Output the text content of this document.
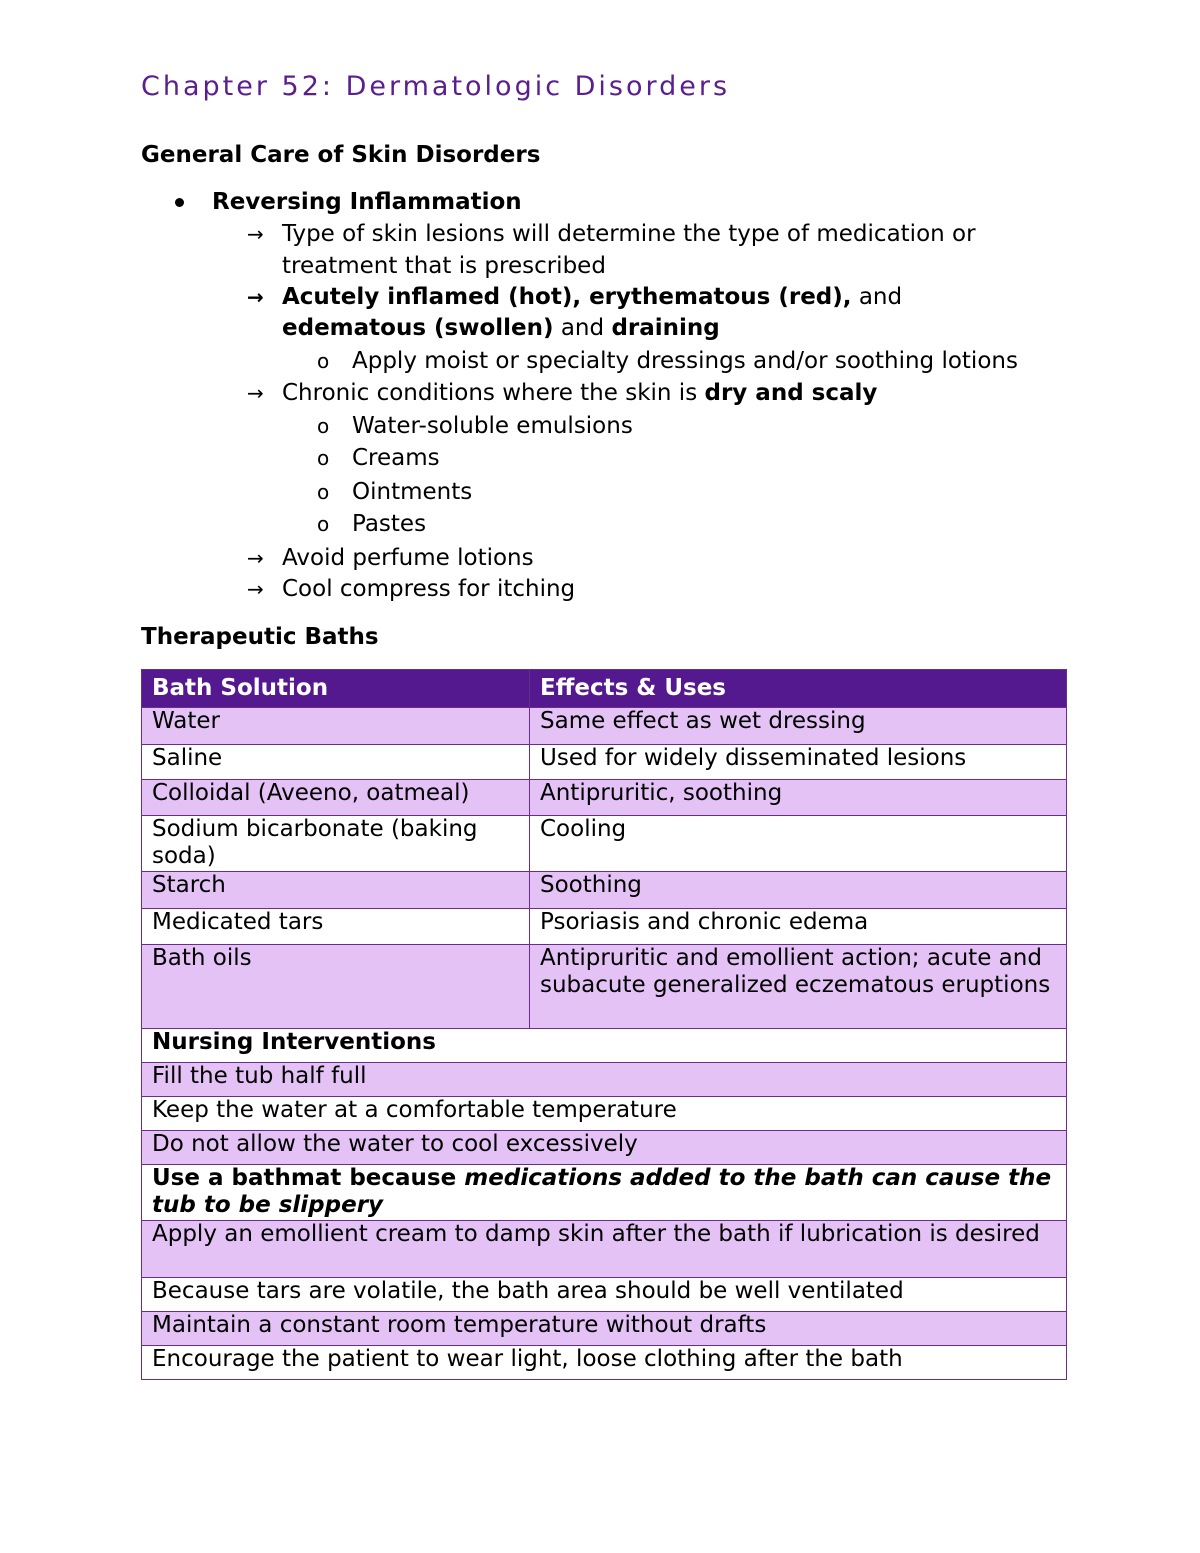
Chapter 52: Dermatologic Disorders
General Care of Skin Disorders
Reversing Inflammation
→ Type of skin lesions will determine the type of medication or
treatment that is prescribed
→ Acutely inflamed (hot), erythematous (red), and
edematous (swollen) and draining
o Apply moist or specialty dressings and/or soothing lotions
→ Chronic conditions where the skin is dry and scaly
o Water-soluble emulsions
o Creams
o Ointments
o Pastes
→ Avoid perfume lotions
→ Cool compress for itching
Therapeutic Baths
Bath Solution	Effects & Uses
Water	Same effect as wet dressing
Saline	Used for widely disseminated lesions
Colloidal (Aveeno, oatmeal)	Antipruritic, soothing
Sodium bicarbonate (baking soda)	Cooling
Starch	Soothing
Medicated tars	Psoriasis and chronic edema
Bath oils	Antipruritic and emollient action; acute and subacute generalized eczematous eruptions
Nursing Interventions	
Fill the tub half full	
Keep the water at a comfortable temperature	
Do not allow the water to cool excessively	
Use a bathmat because medications added to the bath can cause the tub to be slippery	
Apply an emollient cream to damp skin after the bath if lubrication is desired	
Because tars are volatile, the bath area should be well ventilated	
Maintain a constant room temperature without drafts	
Encourage the patient to wear light, loose clothing after the bath	
